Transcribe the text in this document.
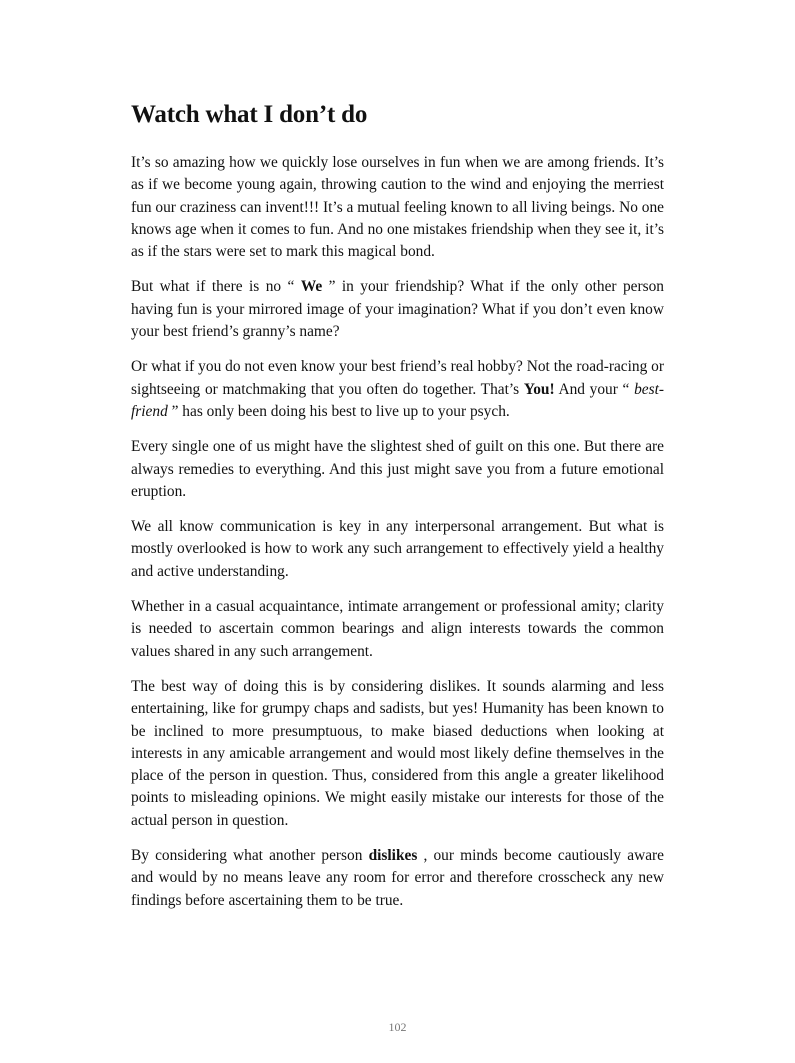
Watch what I don’t do

It’s so amazing how we quickly lose ourselves in fun when we are among friends. It’s as if we become young again, throwing caution to the wind and enjoying the merriest fun our craziness can invent!!! It’s a mutual feeling known to all living beings. No one knows age when it comes to fun. And no one mistakes friendship when they see it, it’s as if the stars were set to mark this magical bond.

But what if there is no “ We ” in your friendship? What if the only other person having fun is your mirrored image of your imagination? What if you don’t even know your best friend’s granny’s name?

Or what if you do not even know your best friend’s real hobby? Not the road-racing or sightseeing or matchmaking that you often do together. That’s You! And your “ best-friend ” has only been doing his best to live up to your psych.

Every single one of us might have the slightest shed of guilt on this one. But there are always remedies to everything. And this just might save you from a future emotional eruption.

We all know communication is key in any interpersonal arrangement. But what is mostly overlooked is how to work any such arrangement to effectively yield a healthy and active understanding.

Whether in a casual acquaintance, intimate arrangement or professional amity; clarity is needed to ascertain common bearings and align interests towards the common values shared in any such arrangement.

The best way of doing this is by considering dislikes. It sounds alarming and less entertaining, like for grumpy chaps and sadists, but yes! Humanity has been known to be inclined to more presumptuous, to make biased deductions when looking at interests in any amicable arrangement and would most likely define themselves in the place of the person in question. Thus, considered from this angle a greater likelihood points to misleading opinions. We might easily mistake our interests for those of the actual person in question.

By considering what another person dislikes , our minds become cautiously aware and would by no means leave any room for error and therefore crosscheck any new findings before ascertaining them to be true.

102
